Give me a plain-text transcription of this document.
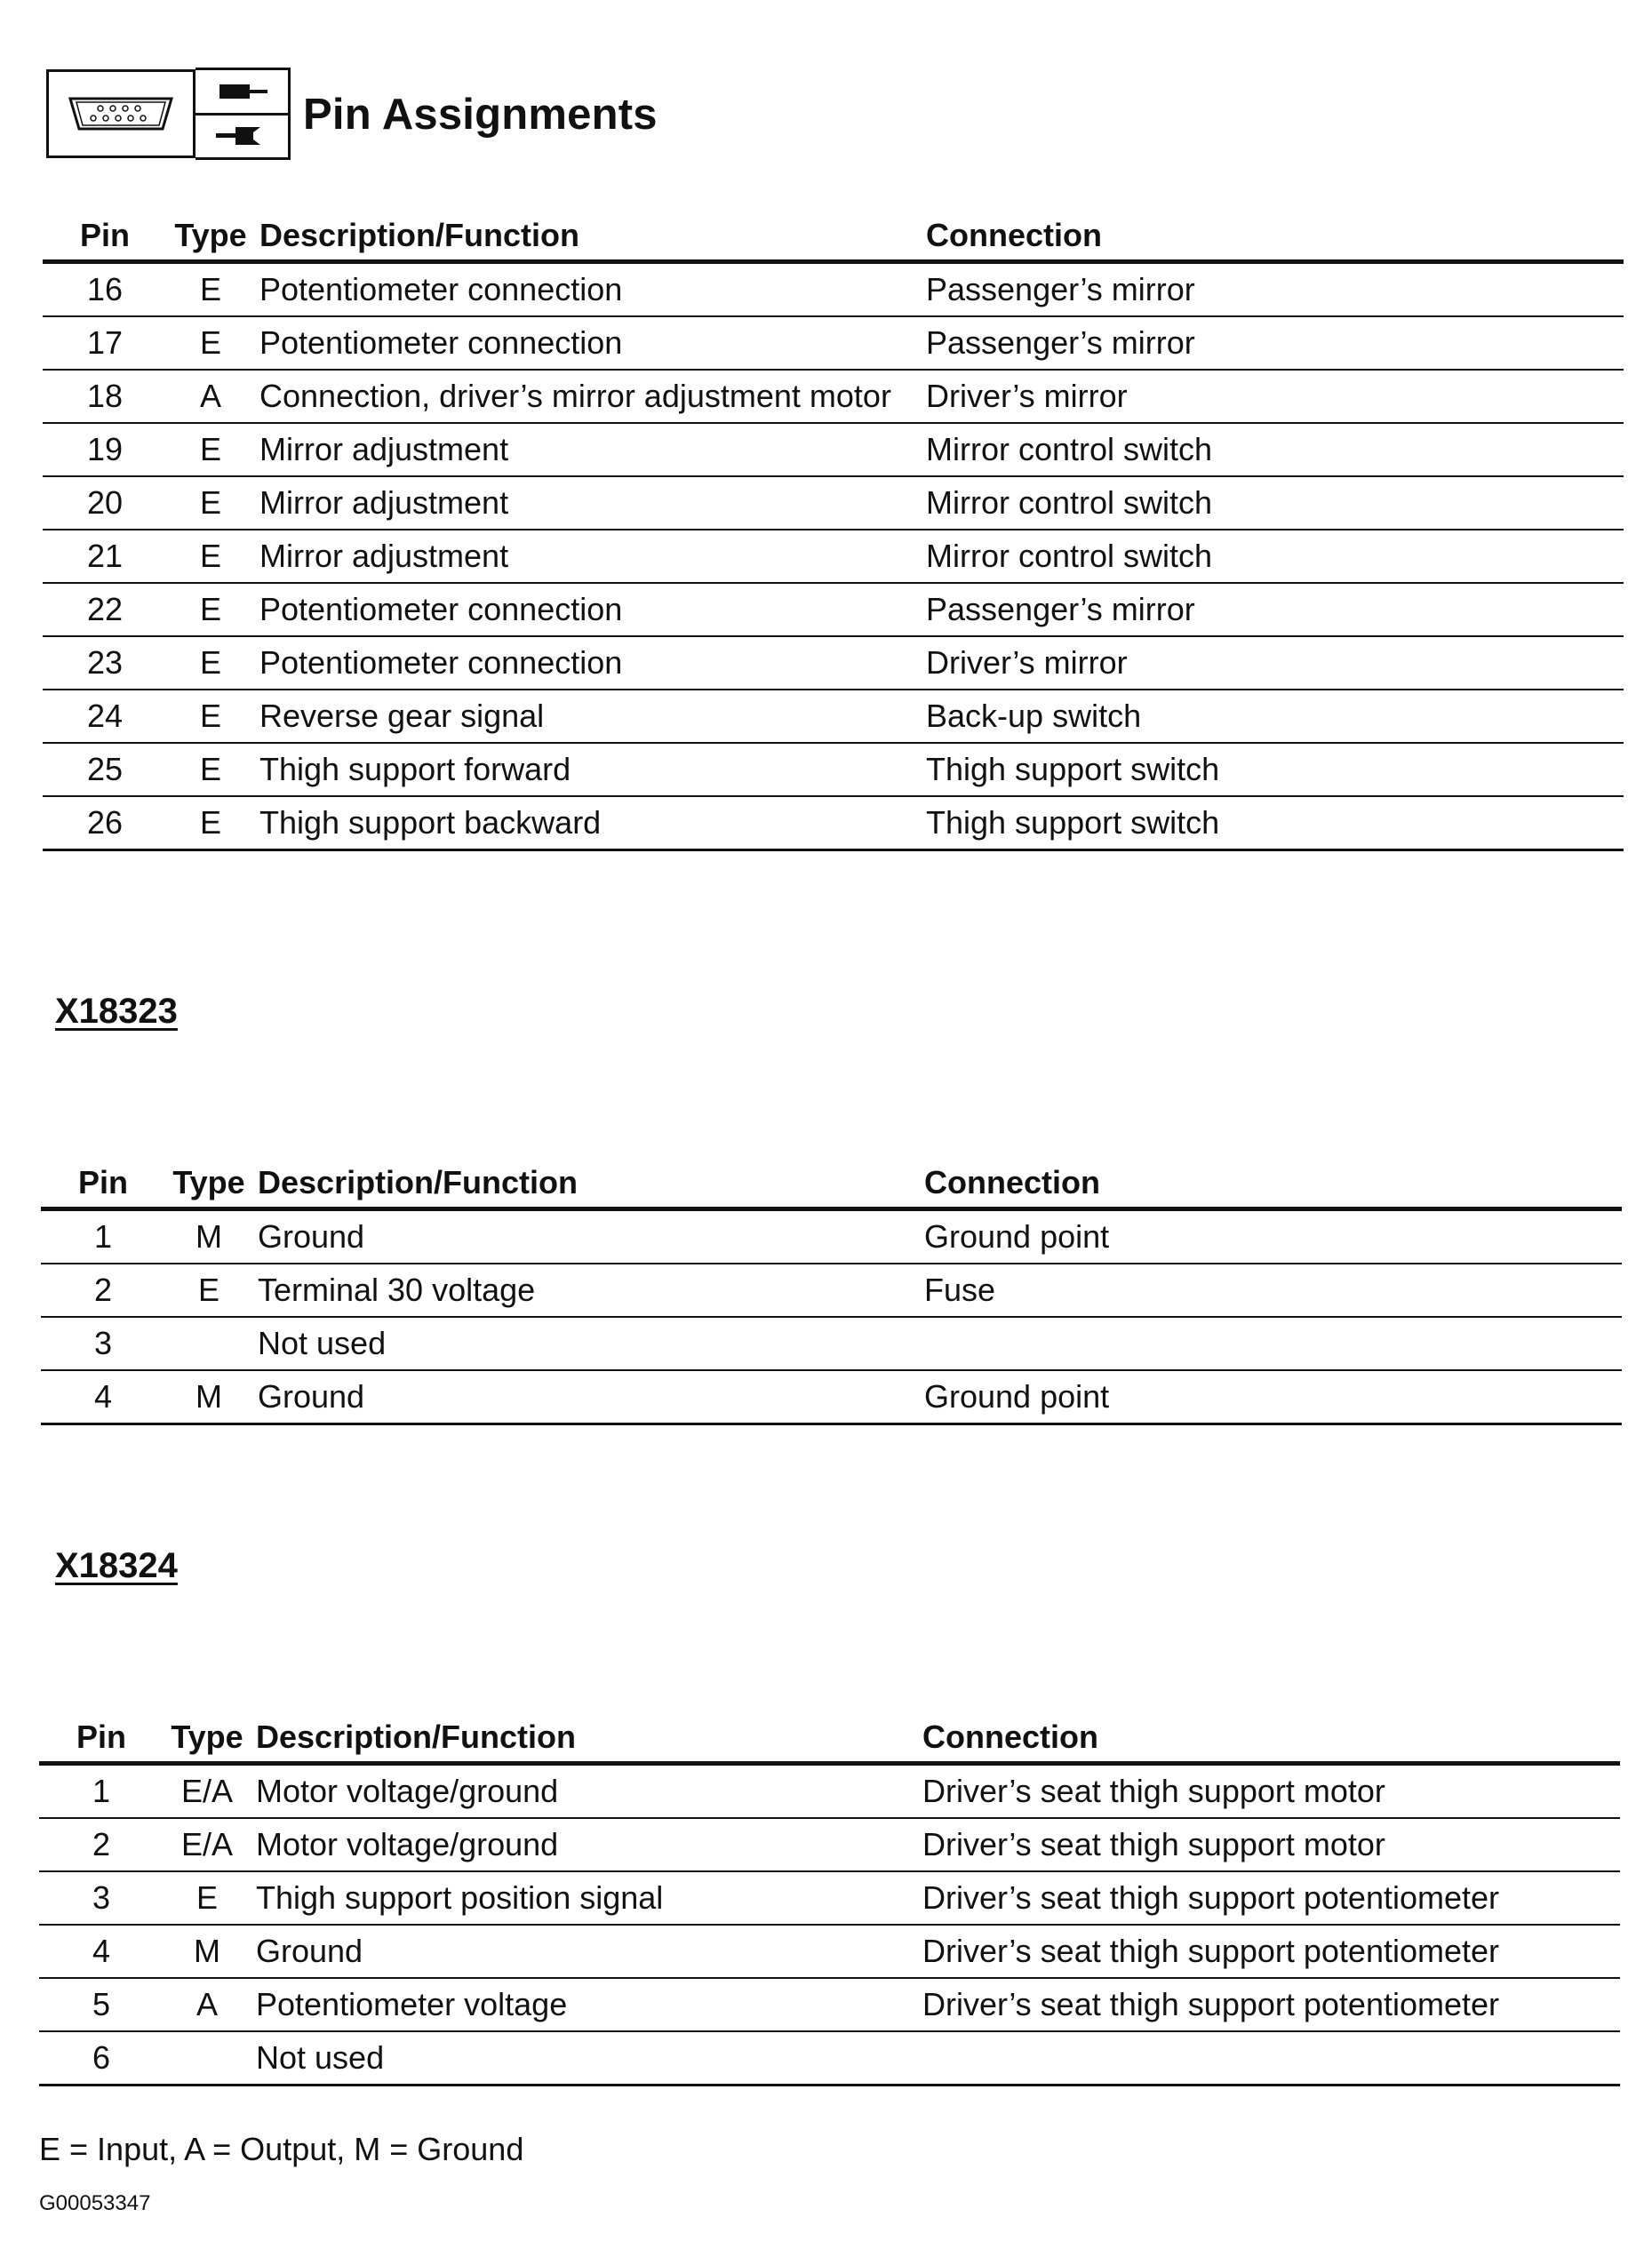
Pin Assignments
Pin	Type	Description/Function	Connection
16	E	Potentiometer connection	Passenger’s mirror
17	E	Potentiometer connection	Passenger’s mirror
18	A	Connection, driver’s mirror adjustment motor	Driver’s mirror
19	E	Mirror adjustment	Mirror control switch
20	E	Mirror adjustment	Mirror control switch
21	E	Mirror adjustment	Mirror control switch
22	E	Potentiometer connection	Passenger’s mirror
23	E	Potentiometer connection	Driver’s mirror
24	E	Reverse gear signal	Back-up switch
25	E	Thigh support forward	Thigh support switch
26	E	Thigh support backward	Thigh support switch
X18323
Pin	Type	Description/Function	Connection
1	M	Ground	Ground point
2	E	Terminal 30 voltage	Fuse
3		Not used	
4	M	Ground	Ground point
X18324
Pin	Type	Description/Function	Connection
1	E/A	Motor voltage/ground	Driver’s seat thigh support motor
2	E/A	Motor voltage/ground	Driver’s seat thigh support motor
3	E	Thigh support position signal	Driver’s seat thigh support potentiometer
4	M	Ground	Driver’s seat thigh support potentiometer
5	A	Potentiometer voltage	Driver’s seat thigh support potentiometer
6		Not used	
E = Input, A = Output, M = Ground
G00053347
